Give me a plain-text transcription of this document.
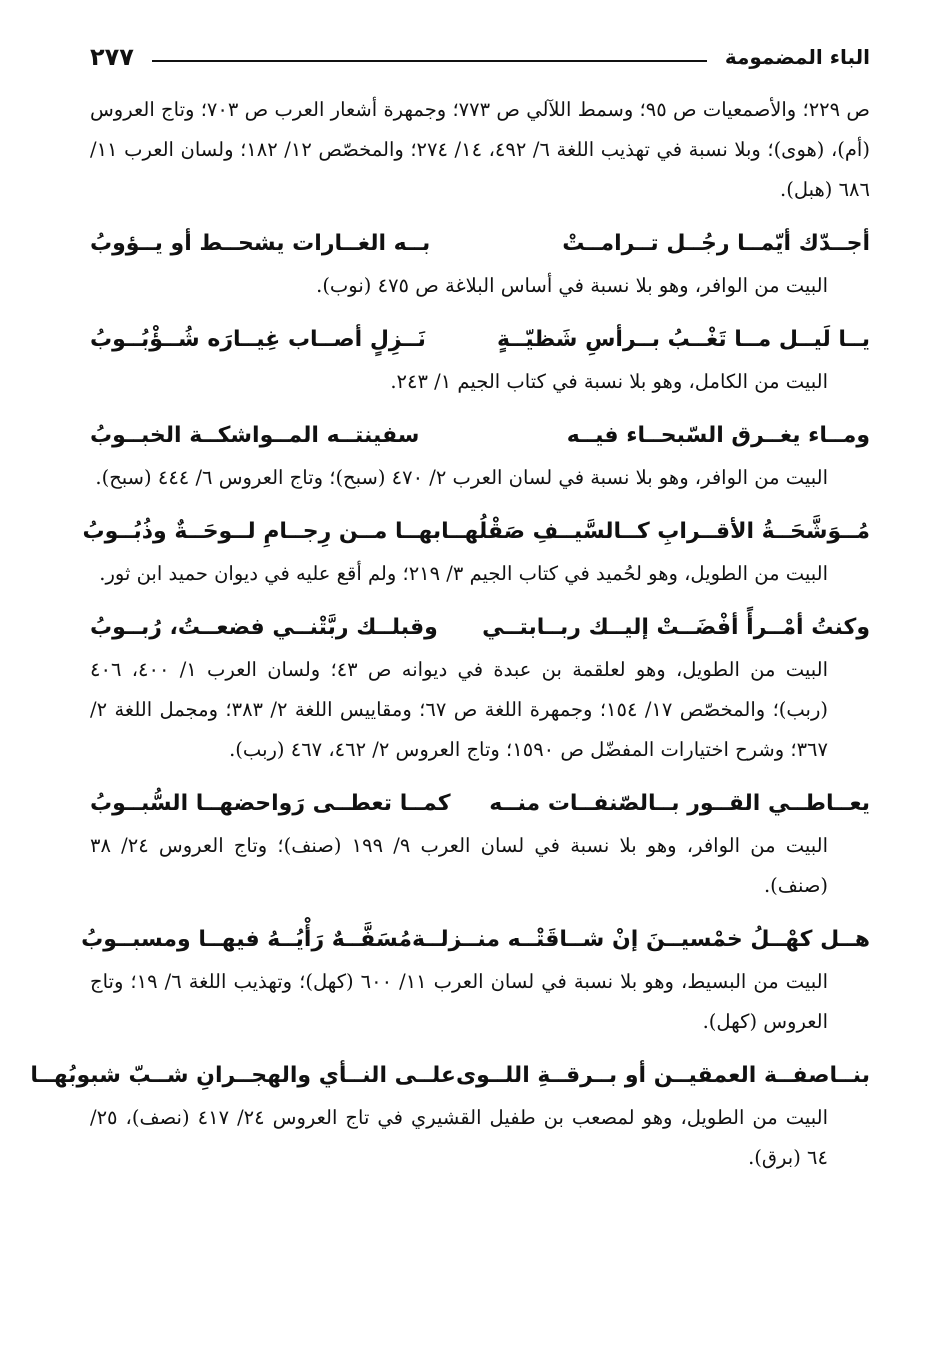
الباء المضمومة
٢٧٧

ص ٢٢٩؛ والأصمعيات ص ٩٥؛ وسمط اللآلي ص ٧٧٣؛ وجمهرة أشعار العرب ص ٧٠٣؛ وتاج العروس (أم)، (هوى)؛ وبلا نسبة في تهذيب اللغة ٦/ ٤٩٢، ١٤/ ٢٧٤؛ والمخصّص ١٢/ ١٨٢؛ ولسان العرب ١١/ ٦٨٦ (هبل).

أجــدّك أيّمــا رجُــل تــرامــتْ
بــه الغــارات يشحــط أو يــؤوبُ

البيت من الوافر، وهو بلا نسبة في أساس البلاغة ص ٤٧٥ (نوب).

يــا لَيــل مــا تَغْــبُ بــرأسِ شَظيّــةٍ
نَــزِلٍ أصــاب غِيــارَه شُــؤْبُــوبُ

البيت من الكامل، وهو بلا نسبة في كتاب الجيم ١/ ٢٤٣.

ومــاء يغــرق السّبحــاء فيــه
سفينتــه المــواشكــة الخبــوبُ

البيت من الوافر، وهو بلا نسبة في لسان العرب ٢/ ٤٧٠ (سبح)؛ وتاج العروس ٦/ ٤٤٤ (سبح).

مُــوَشَّحَــةُ الأقــرابِ كــالسَّيــفِ صَقْلُهــا
بهــا مــن رِجــامِ لــوحَــةٌ وذُبُــوبُ

البيت من الطويل، وهو لحُميد في كتاب الجيم ٣/ ٢١٩؛ ولم أقع عليه في ديوان حميد ابن ثور.

وكنتُ أمْــرأً أفْضَــتْ إليــك ربــابتــي
وقبلــك ربَّتْنــي فضعــتُ، رُبــوبُ

البيت من الطويل، وهو لعلقمة بن عبدة في ديوانه ص ٤٣؛ ولسان العرب ١/ ٤٠٠، ٤٠٦ (ربب)؛ والمخصّص ١٧/ ١٥٤؛ وجمهرة اللغة ص ٦٧؛ ومقاييس اللغة ٢/ ٣٨٣؛ ومجمل اللغة ٢/ ٣٦٧؛ وشرح اختيارات المفضّل ص ١٥٩٠؛ وتاج العروس ٢/ ٤٦٢، ٤٦٧ (ربب).

يعــاطــي القــور بــالصّنفــات منــه
كمــا تعطــى رَواحضهــا السُّبــوبُ

البيت من الوافر، وهو بلا نسبة في لسان العرب ٩/ ١٩٩ (صنف)؛ وتاج العروس ٢٤/ ٣٨ (صنف).

هــل كهْــلُ خمْسيــنَ إنْ شــاقَتْــه منــزلــة
مُسَفَّــهٌ رَأْيُــهُ فيهــا ومسبــوبُ

البيت من البسيط، وهو بلا نسبة في لسان العرب ١١/ ٦٠٠ (كهل)؛ وتهذيب اللغة ٦/ ١٩؛ وتاج العروس (كهل).

بنــاصفــة العمقيــن أو بــرقــةِ اللــوى
علــى النــأي والهجــرانِ شــبّ شبوبُهــا

البيت من الطويل، وهو لمصعب بن طفيل القشيري في تاج العروس ٢٤/ ٤١٧ (نصف)، ٢٥/ ٦٤ (برق).
